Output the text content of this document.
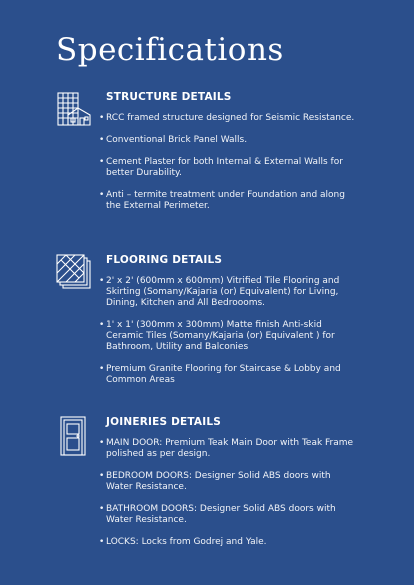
Specifications
STRUCTURE DETAILS
• RCC framed structure designed for Seismic Resistance.
• Conventional Brick Panel Walls.
• Cement Plaster for both Internal & External Walls for better Durability.
• Anti – termite treatment under Foundation and along the External Perimeter.
FLOORING DETAILS
• 2' x 2' (600mm x 600mm) Vitrified Tile Flooring and Skirting (Somany/Kajaria (or) Equivalent) for Living, Dining, Kitchen and All Bedroooms.
• 1' x 1' (300mm x 300mm) Matte finish Anti-skid Ceramic Tiles (Somany/Kajaria (or) Equivalent ) for Bathroom, Utility and Balconies
• Premium Granite Flooring for Staircase & Lobby and Common Areas
JOINERIES DETAILS
• MAIN DOOR: Premium Teak Main Door with Teak Frame polished as per design.
• BEDROOM DOORS: Designer Solid ABS doors with Water Resistance.
• BATHROOM DOORS: Designer Solid ABS doors with Water Resistance.
• LOCKS: Locks from Godrej and Yale.
